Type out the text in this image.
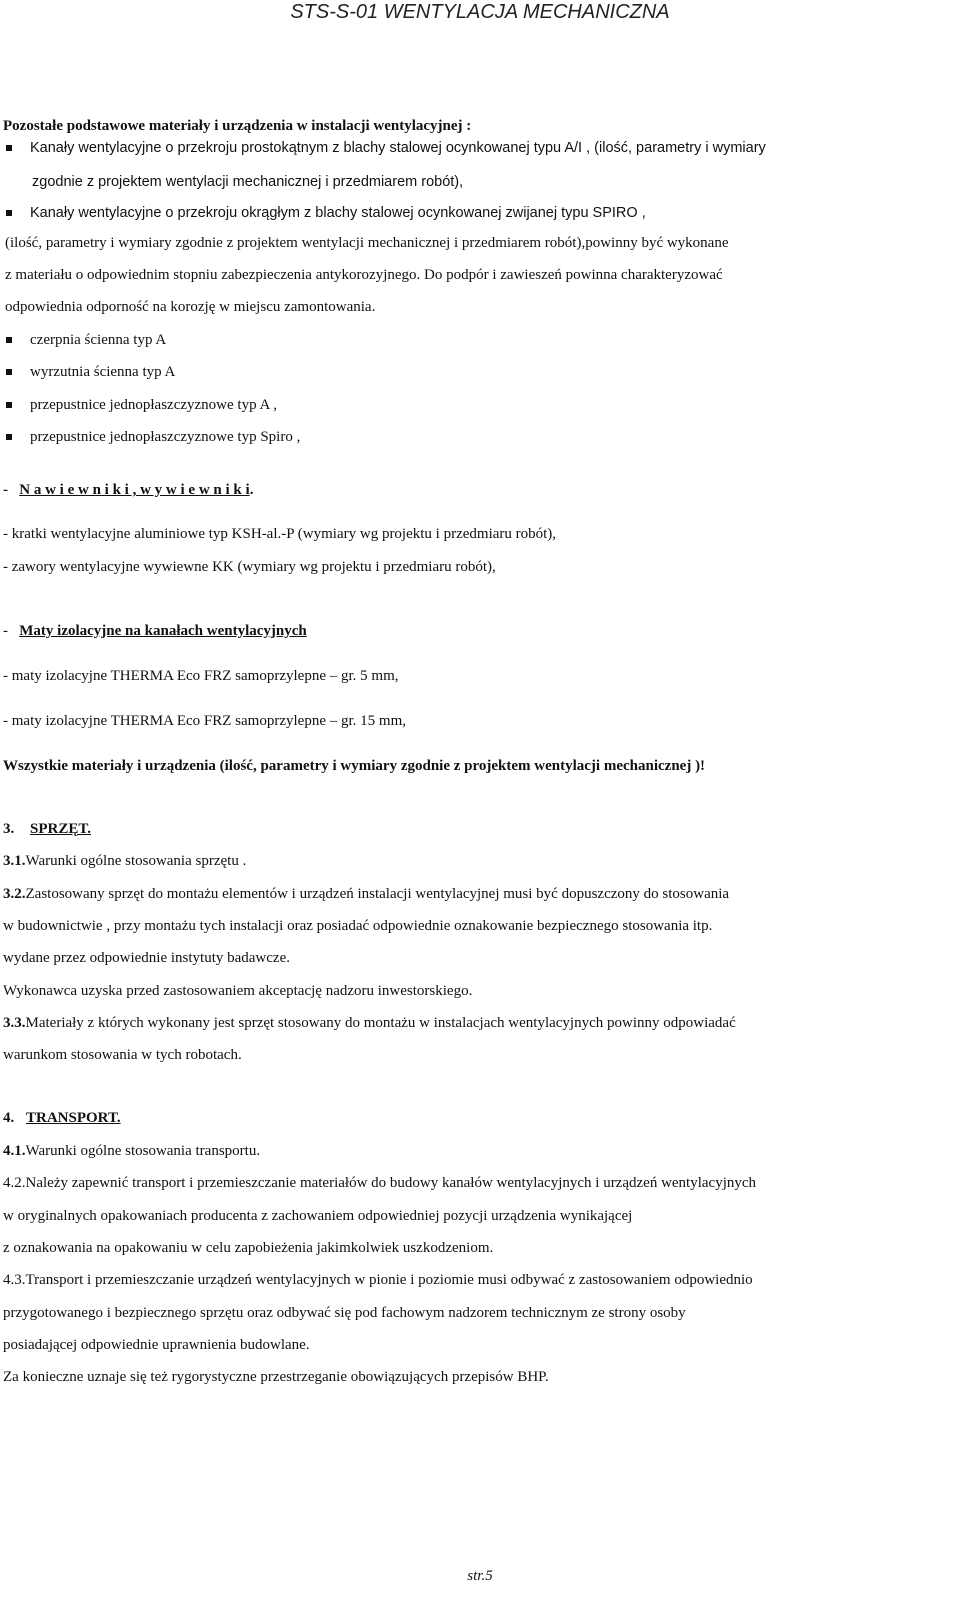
STS-S-01 WENTYLACJA MECHANICZNA
Pozostałe podstawowe materiały i urządzenia w instalacji wentylacyjnej :
Kanały wentylacyjne o przekroju prostokątnym z blachy stalowej ocynkowanej typu A/I , (ilość, parametry i wymiary
zgodnie z projektem wentylacji mechanicznej i przedmiarem robót),
Kanały wentylacyjne o przekroju okrągłym z blachy stalowej ocynkowanej zwijanej typu SPIRO ,
(ilość, parametry i wymiary zgodnie z projektem wentylacji mechanicznej i przedmiarem robót),powinny być wykonane
z materiału o odpowiednim stopniu zabezpieczenia antykorozyjnego. Do podpór i zawieszeń powinna charakteryzować
odpowiednia odporność na korozję w miejscu zamontowania.
czerpnia ścienna typ A
wyrzutnia ścienna typ A
przepustnice jednopłaszczyznowe typ A ,
przepustnice jednopłaszczyznowe typ Spiro ,
- N a w i e w n i k i , w y w i e w n i k i.
- kratki wentylacyjne aluminiowe typ KSH-al.-P (wymiary wg projektu i przedmiaru robót),
- zawory wentylacyjne wywiewne KK (wymiary wg projektu i przedmiaru robót),
- Maty izolacyjne na kanałach wentylacyjnych
- maty izolacyjne THERMA Eco FRZ samoprzylepne – gr. 5 mm,
- maty izolacyjne THERMA Eco FRZ samoprzylepne – gr. 15 mm,
Wszystkie materiały i urządzenia (ilość, parametry i wymiary zgodnie z projektem wentylacji mechanicznej )!
3. SPRZĘT.
3.1.Warunki ogólne stosowania sprzętu .
3.2.Zastosowany sprzęt do montażu elementów i urządzeń instalacji wentylacyjnej musi być dopuszczony do stosowania
w budownictwie , przy montażu tych instalacji oraz posiadać odpowiednie oznakowanie bezpiecznego stosowania itp.
wydane przez odpowiednie instytuty badawcze.
Wykonawca uzyska przed zastosowaniem akceptację nadzoru inwestorskiego.
3.3.Materiały z których wykonany jest sprzęt stosowany do montażu w instalacjach wentylacyjnych powinny odpowiadać
warunkom stosowania w tych robotach.
4. TRANSPORT.
4.1.Warunki ogólne stosowania transportu.
4.2.Należy zapewnić transport i przemieszczanie materiałów do budowy kanałów wentylacyjnych i urządzeń wentylacyjnych
w oryginalnych opakowaniach producenta z zachowaniem odpowiedniej pozycji urządzenia wynikającej
z oznakowania na opakowaniu w celu zapobieżenia jakimkolwiek uszkodzeniom.
4.3.Transport i przemieszczanie urządzeń wentylacyjnych w pionie i poziomie musi odbywać z zastosowaniem odpowiednio
przygotowanego i bezpiecznego sprzętu oraz odbywać się pod fachowym nadzorem technicznym ze strony osoby
posiadającej odpowiednie uprawnienia budowlane.
Za konieczne uznaje się też rygorystyczne przestrzeganie obowiązujących przepisów BHP.
str.5
